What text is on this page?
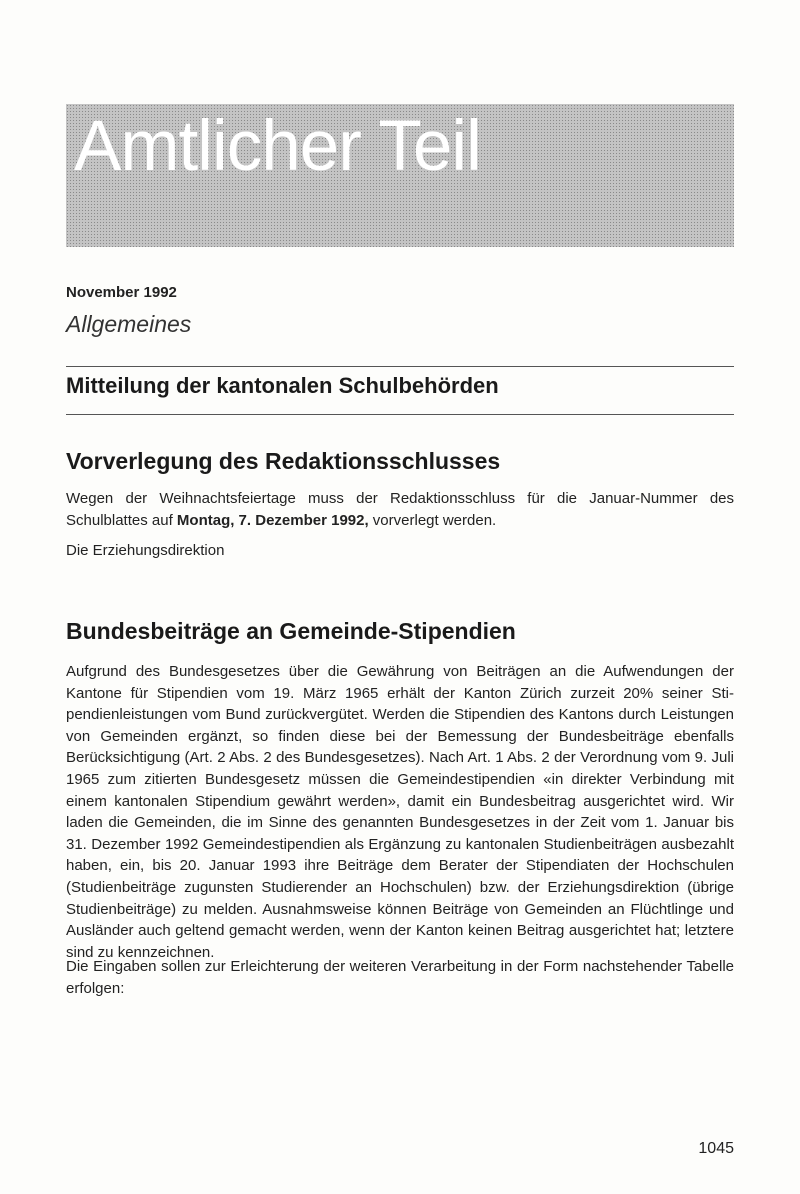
Amtlicher Teil
November 1992
Allgemeines
Mitteilung der kantonalen Schulbehörden
Vorverlegung des Redaktionsschlusses

Wegen der Weihnachtsfeiertage muss der Redaktionsschluss für die Januar-Nummer des Schulblattes auf Montag, 7. Dezember 1992, vorverlegt werden.

Die Erziehungsdirektion
Bundesbeiträge an Gemeinde-Stipendien

Aufgrund des Bundesgesetzes über die Gewährung von Beiträgen an die Aufwendungen der Kantone für Stipendien vom 19. März 1965 erhält der Kanton Zürich zurzeit 20% seiner Stipendienleistungen vom Bund zurückvergütet. Werden die Stipendien des Kantons durch Leistungen von Gemeinden ergänzt, so finden diese bei der Bemessung der Bundesbeiträge ebenfalls Berücksichtigung (Art. 2 Abs. 2 des Bundesgesetzes). Nach Art. 1 Abs. 2 der Verordnung vom 9. Juli 1965 zum zitierten Bundesgesetz müssen die Gemeindestipendien «in direkter Verbindung mit einem kantonalen Stipendium gewährt werden», damit ein Bundesbeitrag ausgerichtet wird. Wir laden die Gemeinden, die im Sinne des genannten Bundesgesetzes in der Zeit vom 1. Januar bis 31. Dezember 1992 Gemeindestipendien als Ergänzung zu kantonalen Studienbeiträgen ausbezahlt haben, ein, bis 20. Januar 1993 ihre Beiträge dem Berater der Stipendiaten der Hochschulen (Studienbeiträge zugunsten Studierender an Hochschulen) bzw. der Erziehungsdirektion (übrige Studienbeiträge) zu melden. Ausnahmsweise können Beiträge von Gemeinden an Flüchtlinge und Ausländer auch geltend gemacht werden, wenn der Kanton keinen Beitrag ausgerichtet hat; letztere sind zu kennzeichnen.

Die Eingaben sollen zur Erleichterung der weiteren Verarbeitung in der Form nachstehender Tabelle erfolgen:

1045
